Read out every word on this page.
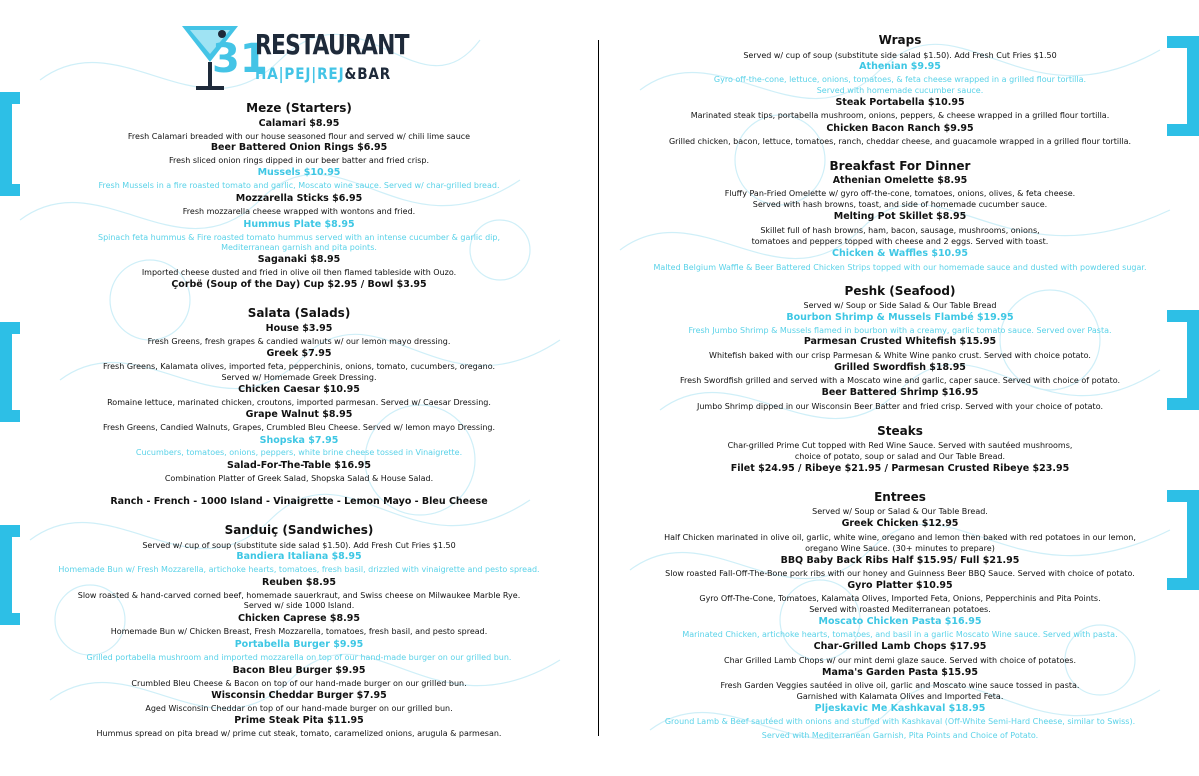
31
RESTAURANT
HA|PEJ|REJ&BAR
Meze (Starters)
Calamari $8.95
Fresh Calamari breaded with our house seasoned flour and served w/ chili lime sauce
Beer Battered Onion Rings $6.95
Fresh sliced onion rings dipped in our beer batter and fried crisp.
Mussels $10.95
Fresh Mussels in a fire roasted tomato and garlic, Moscato wine sauce. Served w/ char-grilled bread.
Mozzarella Sticks $6.95
Fresh mozzarella cheese wrapped with wontons and fried.
Hummus Plate $8.95
Spinach feta hummus & Fire roasted tomato hummus served with an intense cucumber & garlic dip,
Mediterranean garnish and pita points.
Saganaki $8.95
Imported cheese dusted and fried in olive oil then flamed tableside with Ouzo.
Çorbë (Soup of the Day) Cup $2.95 / Bowl $3.95
Salata (Salads)
House $3.95
Fresh Greens, fresh grapes & candied walnuts w/ our lemon mayo dressing.
Greek $7.95
Fresh Greens, Kalamata olives, imported feta, pepperchinis, onions, tomato, cucumbers, oregano.
Served w/ Homemade Greek Dressing.
Chicken Caesar $10.95
Romaine lettuce, marinated chicken, croutons, imported parmesan. Served w/ Caesar Dressing.
Grape Walnut $8.95
Fresh Greens, Candied Walnuts, Grapes, Crumbled Bleu Cheese. Served w/ lemon mayo Dressing.
Shopska $7.95
Cucumbers, tomatoes, onions, peppers, white brine cheese tossed in Vinaigrette.
Salad-For-The-Table $16.95
Combination Platter of Greek Salad, Shopska Salad & House Salad.
Ranch - French - 1000 Island - Vinaigrette - Lemon Mayo - Bleu Cheese
Sanduiç (Sandwiches)
Served w/ cup of soup (substitute side salad $1.50). Add Fresh Cut Fries $1.50
Bandiera Italiana $8.95
Homemade Bun w/ Fresh Mozzarella, artichoke hearts, tomatoes, fresh basil, drizzled with vinaigrette and pesto spread.
Reuben $8.95
Slow roasted & hand-carved corned beef, homemade sauerkraut, and Swiss cheese on Milwaukee Marble Rye.
Served w/ side 1000 Island.
Chicken Caprese $8.95
Homemade Bun w/ Chicken Breast, Fresh Mozzarella, tomatoes, fresh basil, and pesto spread.
Portabella Burger $9.95
Grilled portabella mushroom and imported mozzarella on top of our hand-made burger on our grilled bun.
Bacon Bleu Burger $9.95
Crumbled Bleu Cheese & Bacon on top of our hand-made burger on our grilled bun.
Wisconsin Cheddar Burger $7.95
Aged Wisconsin Cheddar on top of our hand-made burger on our grilled bun.
Prime Steak Pita $11.95
Hummus spread on pita bread w/ prime cut steak, tomato, caramelized onions, arugula & parmesan.
Wraps
Served w/ cup of soup (substitute side salad $1.50). Add Fresh Cut Fries $1.50
Athenian $9.95
Gyro off-the-cone, lettuce, onions, tomatoes, & feta cheese wrapped in a grilled flour tortilla.
Served with homemade cucumber sauce.
Steak Portabella $10.95
Marinated steak tips, portabella mushroom, onions, peppers, & cheese wrapped in a grilled flour tortilla.
Chicken Bacon Ranch $9.95
Grilled chicken, bacon, lettuce, tomatoes, ranch, cheddar cheese, and guacamole wrapped in a grilled flour tortilla.
Breakfast For Dinner
Athenian Omelette $8.95
Fluffy Pan-Fried Omelette w/ gyro off-the-cone, tomatoes, onions, olives, & feta cheese.
Served with hash browns, toast, and side of homemade cucumber sauce.
Melting Pot Skillet $8.95
Skillet full of hash browns, ham, bacon, sausage, mushrooms, onions,
tomatoes and peppers topped with cheese and 2 eggs. Served with toast.
Chicken & Waffles $10.95
Malted Belgium Waffle & Beer Battered Chicken Strips topped with our homemade sauce and dusted with powdered sugar.
Peshk (Seafood)
Served w/ Soup or Side Salad & Our Table Bread
Bourbon Shrimp & Mussels Flambé $19.95
Fresh Jumbo Shrimp & Mussels flamed in bourbon with a creamy, garlic tomato sauce. Served over Pasta.
Parmesan Crusted Whitefish $15.95
Whitefish baked with our crisp Parmesan & White Wine panko crust. Served with choice potato.
Grilled Swordfish $18.95
Fresh Swordfish grilled and served with a Moscato wine and garlic, caper sauce. Served with choice of potato.
Beer Battered Shrimp $16.95
Jumbo Shrimp dipped in our Wisconsin Beer Batter and fried crisp. Served with your choice of potato.
Steaks
Char-grilled Prime Cut topped with Red Wine Sauce. Served with sautéed mushrooms,
choice of potato, soup or salad and Our Table Bread.
Filet $24.95 / Ribeye $21.95 / Parmesan Crusted Ribeye $23.95
Entrees
Served w/ Soup or Salad & Our Table Bread.
Greek Chicken $12.95
Half Chicken marinated in olive oil, garlic, white wine, oregano and lemon then baked with red potatoes in our lemon,
oregano Wine Sauce. (30+ minutes to prepare)
BBQ Baby Back Ribs Half $15.95/ Full $21.95
Slow roasted Fall-Off-The-Bone pork ribs with our honey and Guinness Beer BBQ Sauce. Served with choice of potato.
Gyro Platter $10.95
Gyro Off-The-Cone, Tomatoes, Kalamata Olives, Imported Feta, Onions, Pepperchinis and Pita Points.
Served with roasted Mediterranean potatoes.
Moscato Chicken Pasta $16.95
Marinated Chicken, artichoke hearts, tomatoes, and basil in a garlic Moscato Wine sauce. Served with pasta.
Char-Grilled Lamb Chops $17.95
Char Grilled Lamb Chops w/ our mint demi glaze sauce. Served with choice of potatoes.
Mama's Garden Pasta $15.95
Fresh Garden Veggies sautéed in olive oil, garlic and Moscato wine sauce tossed in pasta.
Garnished with Kalamata Olives and Imported Feta.
Pljeskavic Me Kashkaval $18.95
Ground Lamb & Beef sautéed with onions and stuffed with Kashkaval (Off-White Semi-Hard Cheese, similar to Swiss).
Served with Mediterranean Garnish, Pita Points and Choice of Potato.
